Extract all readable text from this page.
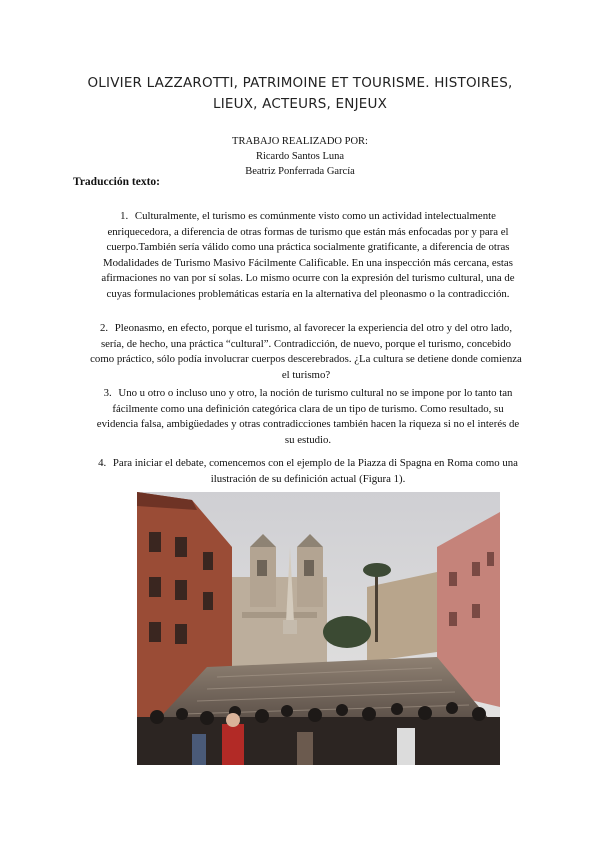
OLIVIER LAZZAROTTI, PATRIMOINE ET TOURISME. HISTOIRES,
LIEUX, ACTEURS, ENJEUX
TRABAJO REALIZADO POR:
Ricardo Santos Luna
Beatriz Ponferrada García
Traducción texto:
1. Culturalmente, el turismo es comúnmente visto como un actividad intelectualmente enriquecedora, a diferencia de otras formas de turismo que están más enfocadas por y para el cuerpo.También sería válido como una práctica socialmente gratificante, a diferencia de otras Modalidades de Turismo Masivo Fácilmente Calificable. En una inspección más cercana, estas afirmaciones no van por sí solas. Lo mismo ocurre con la expresión del turismo cultural, una de cuyas formulaciones problemáticas estaría en la alternativa del pleonasmo o la contradicción.
2. Pleonasmo, en efecto, porque el turismo, al favorecer la experiencia del otro y del otro lado, sería, de hecho, una práctica “cultural”. Contradicción, de nuevo, porque el turismo, concebido como práctico, sólo podía involucrar cuerpos descerebrados. ¿La cultura se detiene donde comienza el turismo?
3. Uno u otro o incluso uno y otro, la noción de turismo cultural no se impone por lo tanto tan fácilmente como una definición categórica clara de un tipo de turismo. Como resultado, su evidencia falsa, ambigüedades y otras contradicciones también hacen la riqueza si no el interés de su estudio.
4. Para iniciar el debate, comencemos con el ejemplo de la Piazza di Spagna en Roma como una ilustración de su definición actual (Figura 1).
